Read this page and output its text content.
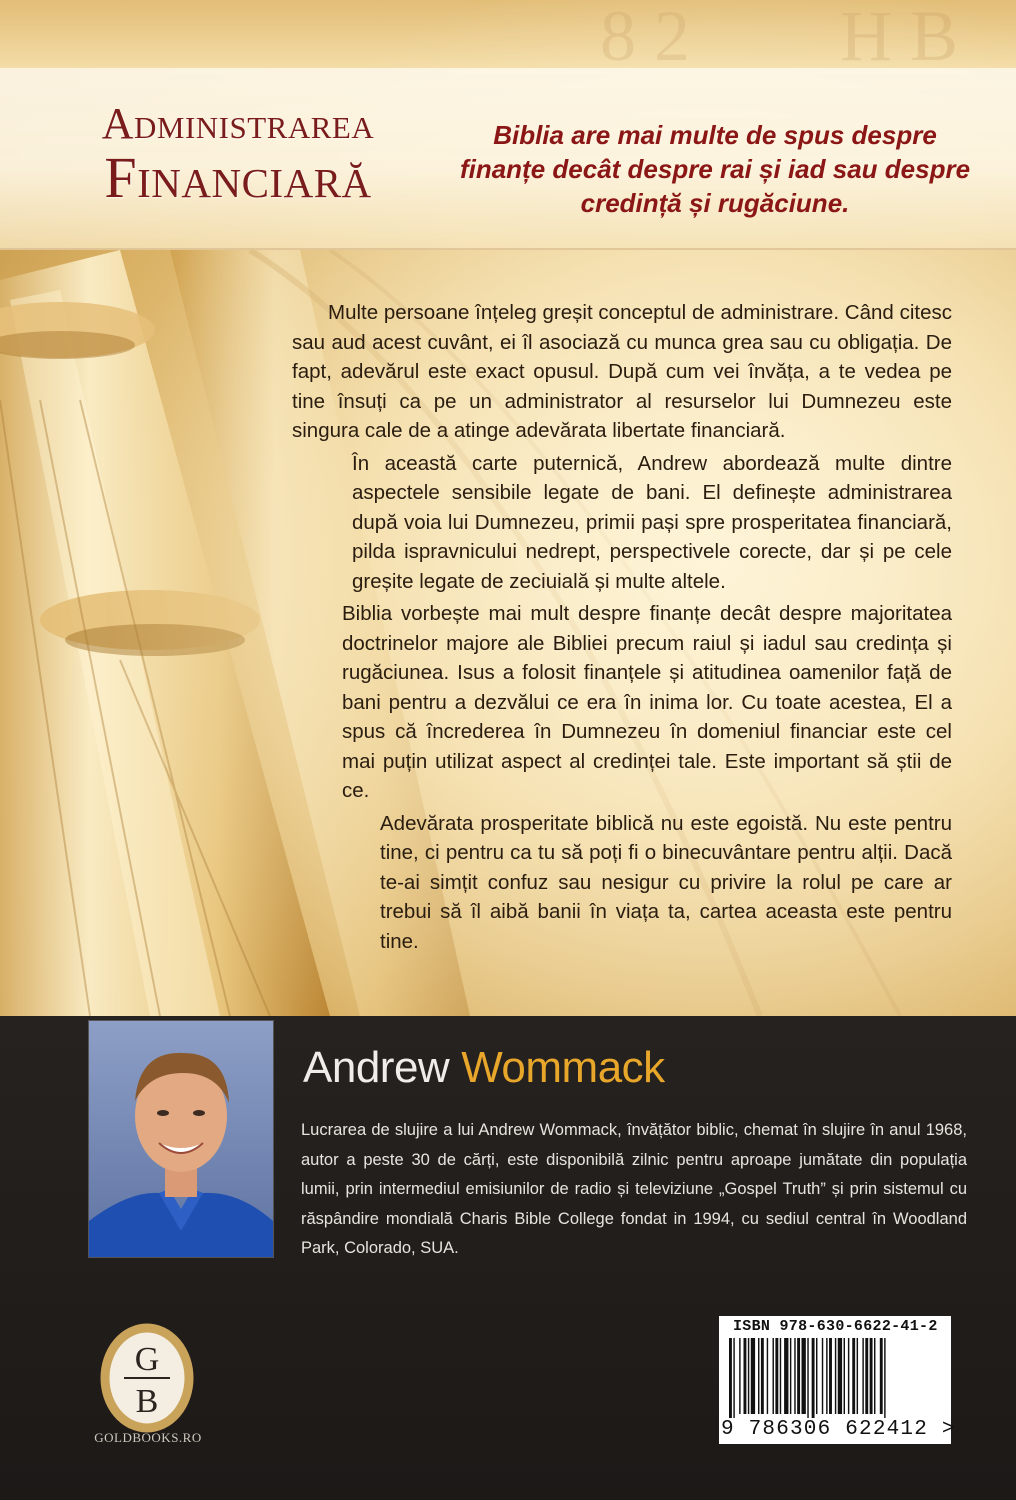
Administrarea
Financiară
Biblia are mai multe de spus despre finanțe decât despre rai și iad sau despre credință și rugăciune.

Multe persoane înțeleg greșit conceptul de administrare. Când citesc sau aud acest cuvânt, ei îl asociază cu munca grea sau cu obligația. De fapt, adevărul este exact opusul. După cum vei învăța, a te vedea pe tine însuți ca pe un administrator al resurselor lui Dumnezeu este singura cale de a atinge adevărata libertate financiară.

În această carte puternică, Andrew abordează multe dintre aspectele sensibile legate de bani. El definește administrarea după voia lui Dumnezeu, primii pași spre prosperitatea financiară, pilda ispravnicului nedrept, perspectivele corecte, dar și pe cele greșite legate de zeciuială și multe altele.

Biblia vorbește mai mult despre finanțe decât despre majoritatea doctrinelor majore ale Bibliei precum raiul și iadul sau credința și rugăciunea. Isus a folosit finanțele și atitudinea oamenilor față de bani pentru a dezvălui ce era în inima lor. Cu toate acestea, El a spus că încrederea în Dumnezeu în domeniul financiar este cel mai puțin utilizat aspect al credinței tale. Este important să știi de ce.

Adevărata prosperitate biblică nu este egoistă. Nu este pentru tine, ci pentru ca tu să poți fi o binecuvântare pentru alții. Dacă te-ai simțit confuz sau nesigur cu privire la rolul pe care ar trebui să îl aibă banii în viața ta, cartea aceasta este pentru tine.

Andrew Wommack
Lucrarea de slujire a lui Andrew Wommack, învățător biblic, chemat în slujire în anul 1968, autor a peste 30 de cărți, este disponibilă zilnic pentru aproape jumătate din populația lumii, prin intermediul emisiunilor de radio și televiziune „Gospel Truth” și prin sistemul cu răspândire mondială Charis Bible College fondat in 1994, cu sediul central în Woodland Park, Colorado, SUA.
G
B
GOLDBOOKS.RO
ISBN 978-630-6622-41-2
9 786306 622412 >
